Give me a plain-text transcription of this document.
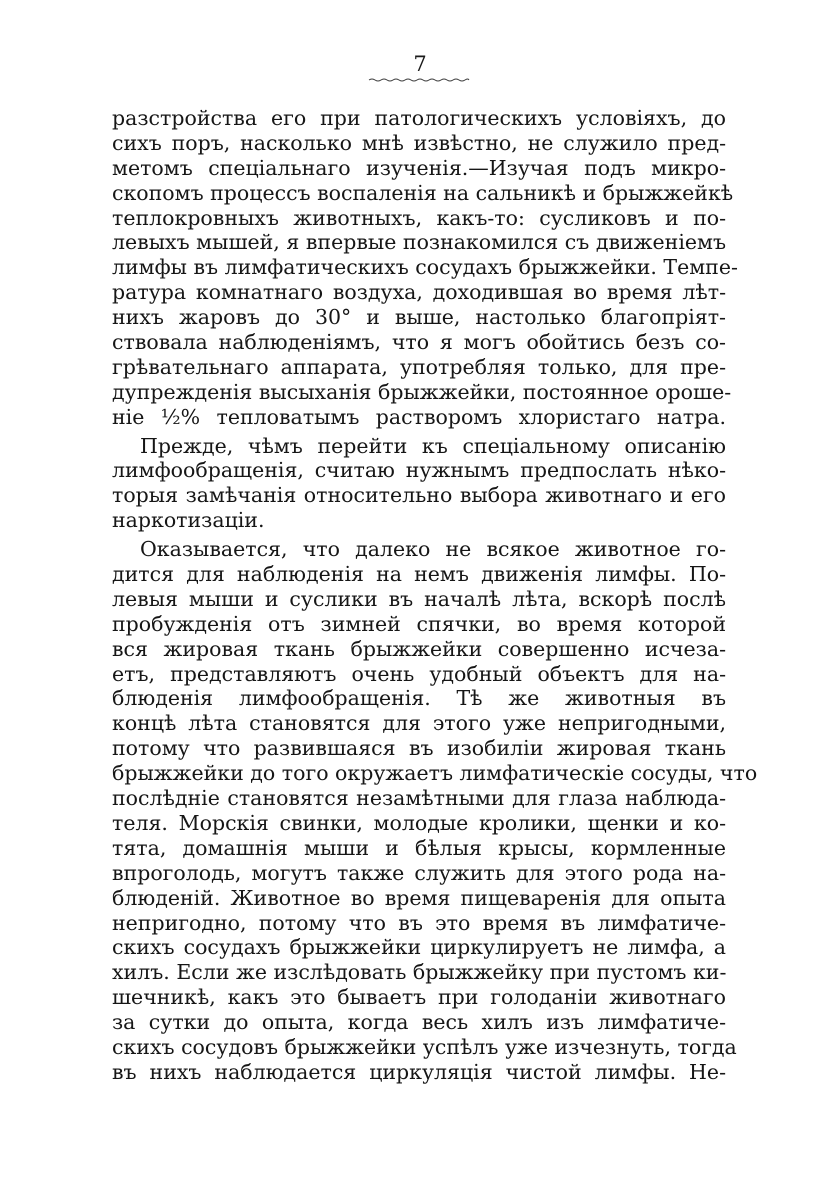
7
разстройства его при патологическихъ условіяхъ, до
сихъ поръ, насколько мнѣ извѣстно, не служило пред-
метомъ спеціальнаго изученія.—Изучая подъ микро-
скопомъ процессъ воспаленія на сальникѣ и брыжжейкѣ
теплокровныхъ животныхъ, какъ-то: сусликовъ и по-
левыхъ мышей, я впервые познакомился съ движеніемъ
лимфы въ лимфатическихъ сосудахъ брыжжейки. Темпе-
ратура комнатнаго воздуха, доходившая во время лѣт-
нихъ жаровъ до 30° и выше, настолько благопріят-
ствовала наблюденіямъ, что я могъ обойтись безъ со-
грѣвательнаго аппарата, употребляя только, для пре-
дупрежденія высыханія брыжжейки, постоянное ороше-
ніе ½% тепловатымъ растворомъ хлористаго натра.
Прежде, чѣмъ перейти къ спеціальному описанію
лимфообращенія, считаю нужнымъ предпослать нѣко-
торыя замѣчанія относительно выбора животнаго и его
наркотизаціи.
Оказывается, что далеко не всякое животное го-
дится для наблюденія на немъ движенія лимфы. По-
левыя мыши и суслики въ началѣ лѣта, вскорѣ послѣ
пробужденія отъ зимней спячки, во время которой
вся жировая ткань брыжжейки совершенно исчеза-
етъ, представляютъ очень удобный объектъ для на-
блюденія лимфообращенія. Тѣ же животныя въ
концѣ лѣта становятся для этого уже непригодными,
потому что развившаяся въ изобиліи жировая ткань
брыжжейки до того окружаетъ лимфатическіе сосуды, что
послѣдніе становятся незамѣтными для глаза наблюда-
теля. Морскія свинки, молодые кролики, щенки и ко-
тята, домашнія мыши и бѣлыя крысы, кормленные
впроголодь, могутъ также служить для этого рода на-
блюденій. Животное во время пищеваренія для опыта
непригодно, потому что въ это время въ лимфатиче-
скихъ сосудахъ брыжжейки циркулируетъ не лимфа, а
хилъ. Если же изслѣдовать брыжжейку при пустомъ ки-
шечникѣ, какъ это бываетъ при голоданіи животнаго
за сутки до опыта, когда весь хилъ изъ лимфатиче-
скихъ сосудовъ брыжжейки успѣлъ уже изчезнуть, тогда
въ нихъ наблюдается циркуляція чистой лимфы. Не-
